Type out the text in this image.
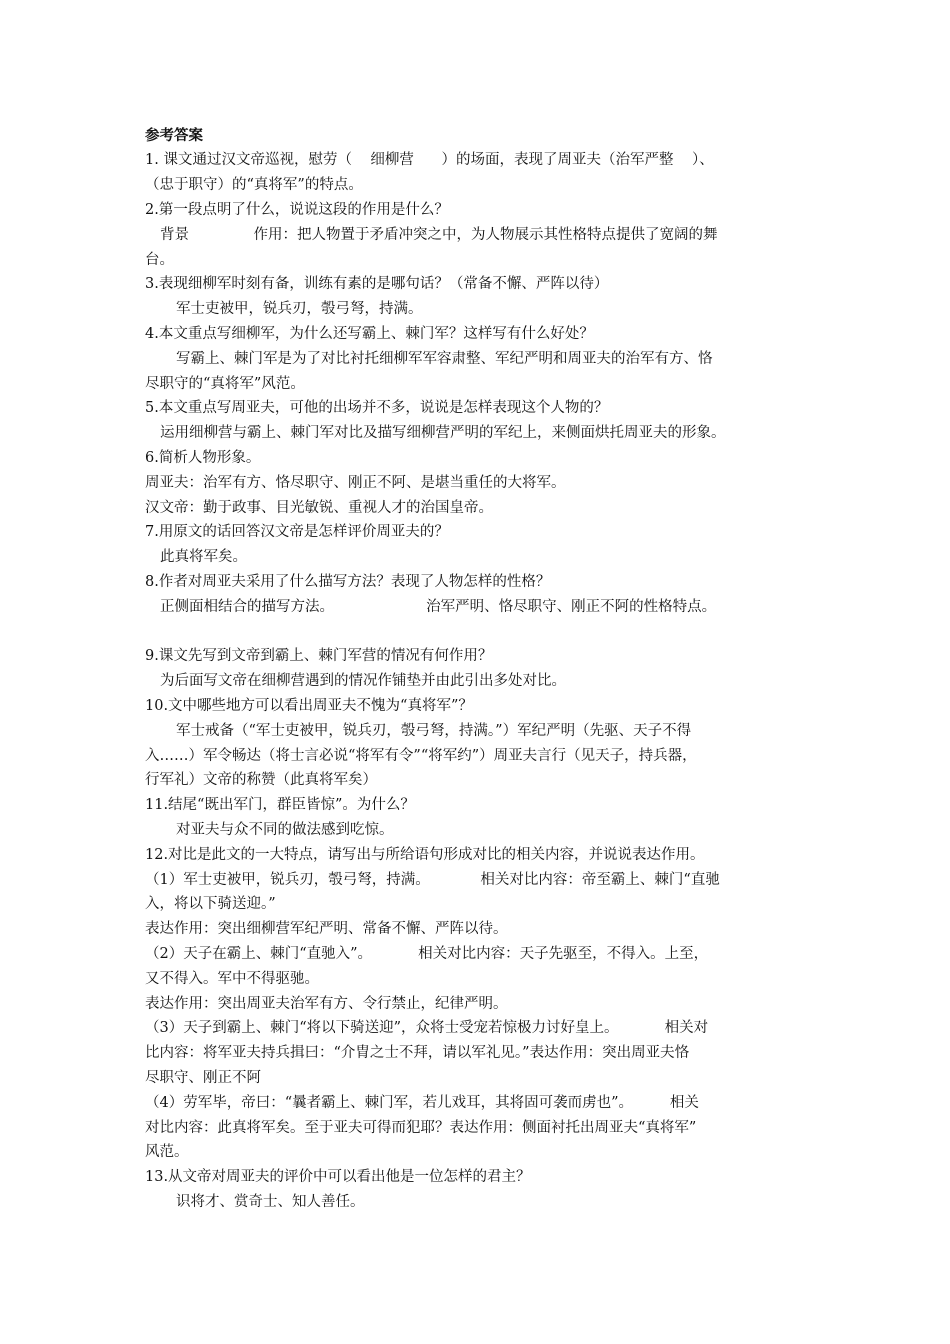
参考答案
1. 课文通过汉文帝巡视，慰劳（    细柳营      ）的场面，表现了周亚夫（治军严整    ）、
（忠于职守）的“真将军”的特点。
2.第一段点明了什么，说说这段的作用是什么？
背景              作用：把人物置于矛盾冲突之中，为人物展示其性格特点提供了宽阔的舞
台。
3.表现细柳军时刻有备，训练有素的是哪句话？（常备不懈、严阵以待）
军士吏被甲，锐兵刃，彀弓弩，持满。
4.本文重点写细柳军，为什么还写霸上、棘门军？这样写有什么好处？
写霸上、棘门军是为了对比衬托细柳军军容肃整、军纪严明和周亚夫的治军有方、恪
尽职守的“真将军”风范。
5.本文重点写周亚夫，可他的出场并不多，说说是怎样表现这个人物的？
运用细柳营与霸上、棘门军对比及描写细柳营严明的军纪上，来侧面烘托周亚夫的形象。
6.简析人物形象。
周亚夫：治军有方、恪尽职守、刚正不阿、是堪当重任的大将军。
汉文帝：勤于政事、目光敏锐、重视人才的治国皇帝。
7.用原文的话回答汉文帝是怎样评价周亚夫的？
此真将军矣。
8.作者对周亚夫采用了什么描写方法？表现了人物怎样的性格？
正侧面相结合的描写方法。                    治军严明、恪尽职守、刚正不阿的性格特点。
9.课文先写到文帝到霸上、棘门军营的情况有何作用？
为后面写文帝在细柳营遇到的情况作铺垫并由此引出多处对比。
10.文中哪些地方可以看出周亚夫不愧为“真将军”？
军士戒备（“军士吏被甲，锐兵刃，彀弓弩，持满。”）军纪严明（先驱、天子不得
入……）军令畅达（将士言必说“将军有令”“将军约”）周亚夫言行（见天子，持兵器，
行军礼）文帝的称赞（此真将军矣）
11.结尾“既出军门，群臣皆惊”。为什么？
对亚夫与众不同的做法感到吃惊。
12.对比是此文的一大特点，请写出与所给语句形成对比的相关内容，并说说表达作用。
（1）军士吏被甲，锐兵刃，彀弓弩，持满。           相关对比内容：帝至霸上、棘门“直驰
入，将以下骑送迎。”
表达作用：突出细柳营军纪严明、常备不懈、严阵以待。
（2）天子在霸上、棘门“直驰入”。          相关对比内容：天子先驱至，不得入。上至，
又不得入。军中不得驱驰。
表达作用：突出周亚夫治军有方、令行禁止，纪律严明。
（3）天子到霸上、棘门“将以下骑送迎”，众将士受宠若惊极力讨好皇上。          相关对
比内容：将军亚夫持兵揖曰：“介胄之士不拜，请以军礼见。”表达作用：突出周亚夫恪
尽职守、刚正不阿
（4）劳军毕，帝曰：“曩者霸上、棘门军，若儿戏耳，其将固可袭而虏也”。        相关
对比内容：此真将军矣。至于亚夫可得而犯耶？表达作用：侧面衬托出周亚夫“真将军”
风范。
13.从文帝对周亚夫的评价中可以看出他是一位怎样的君主？
识将才、赏奇士、知人善任。
